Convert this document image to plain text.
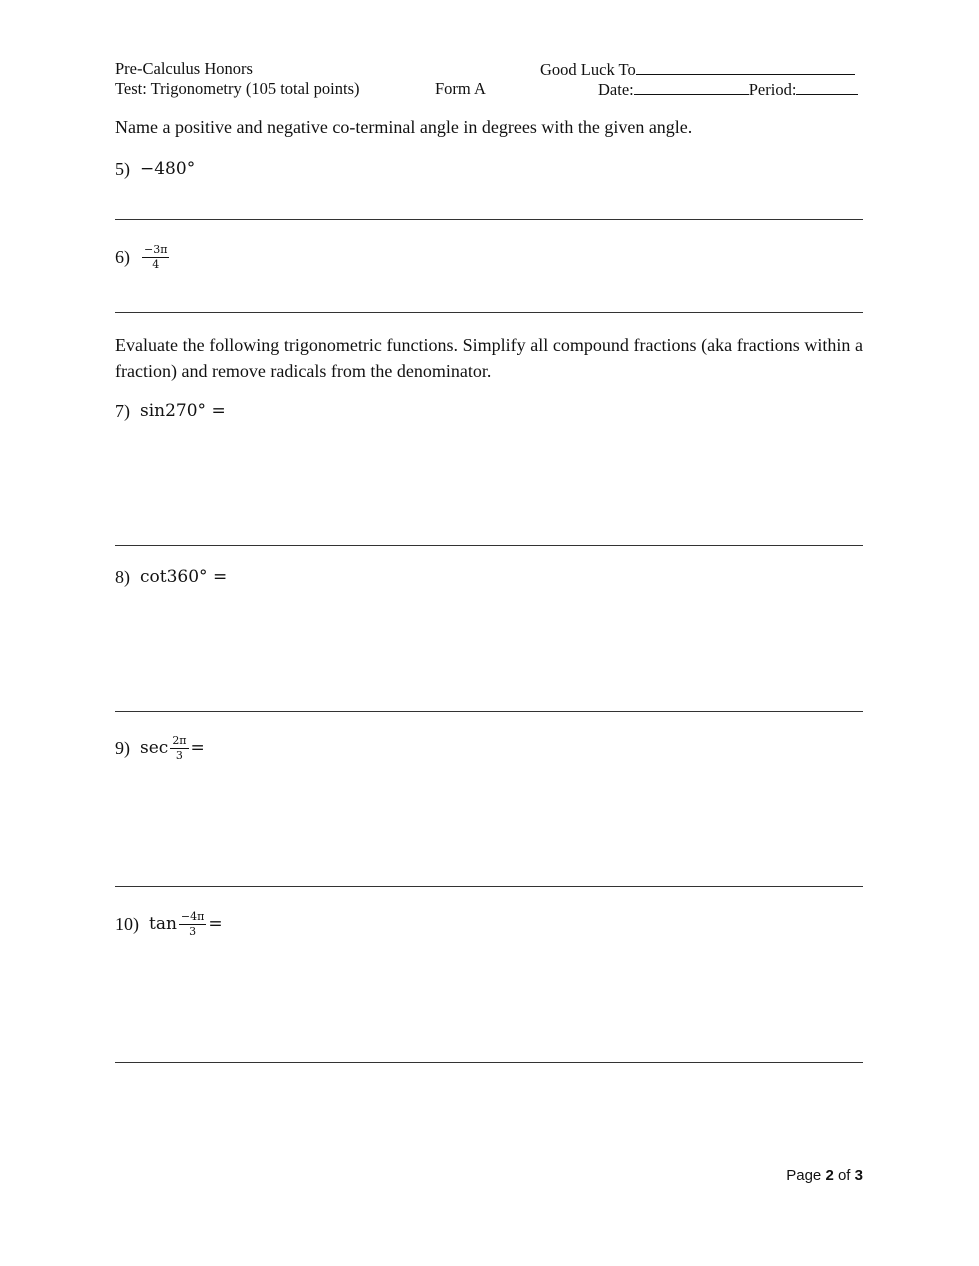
Pre-Calculus Honors	Good Luck To
Test: Trigonometry (105 total points)	Form A	Date:	Period:
Name a positive and negative co-terminal angle in degrees with the given angle.
5) −480°
$6) \frac{-3\pi}{4}$
Evaluate the following trigonometric functions. Simplify all compound fractions (aka fractions within a fraction) and remove radicals from the denominator.
7) sin270° =
8) cot360° =
9) $\sec \frac{2\pi}{3}$ =
10) $\tan \frac{-4\pi}{3}$ =
Page 2 of 3
